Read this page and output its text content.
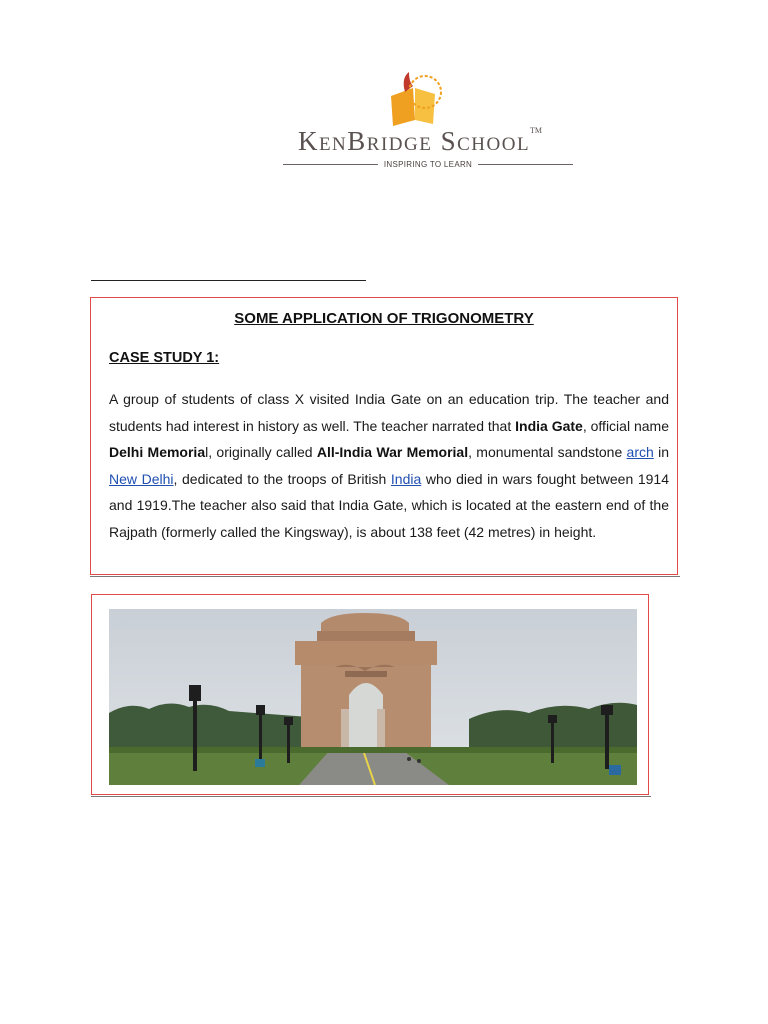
KenBridge School™
INSPIRING TO LEARN
SOME APPLICATION OF TRIGONOMETRY
CASE STUDY 1:

A group of students of class X visited India Gate on an education trip. The teacher and students had interest in history as well. The teacher narrated that India Gate, official name Delhi Memorial, originally called All-India War Memorial, monumental sandstone arch in New Delhi, dedicated to the troops of British India who died in wars fought between 1914 and 1919.The teacher also said that India Gate, which is located at the eastern end of the Rajpath (formerly called the Kingsway), is about 138 feet (42 metres) in height.
